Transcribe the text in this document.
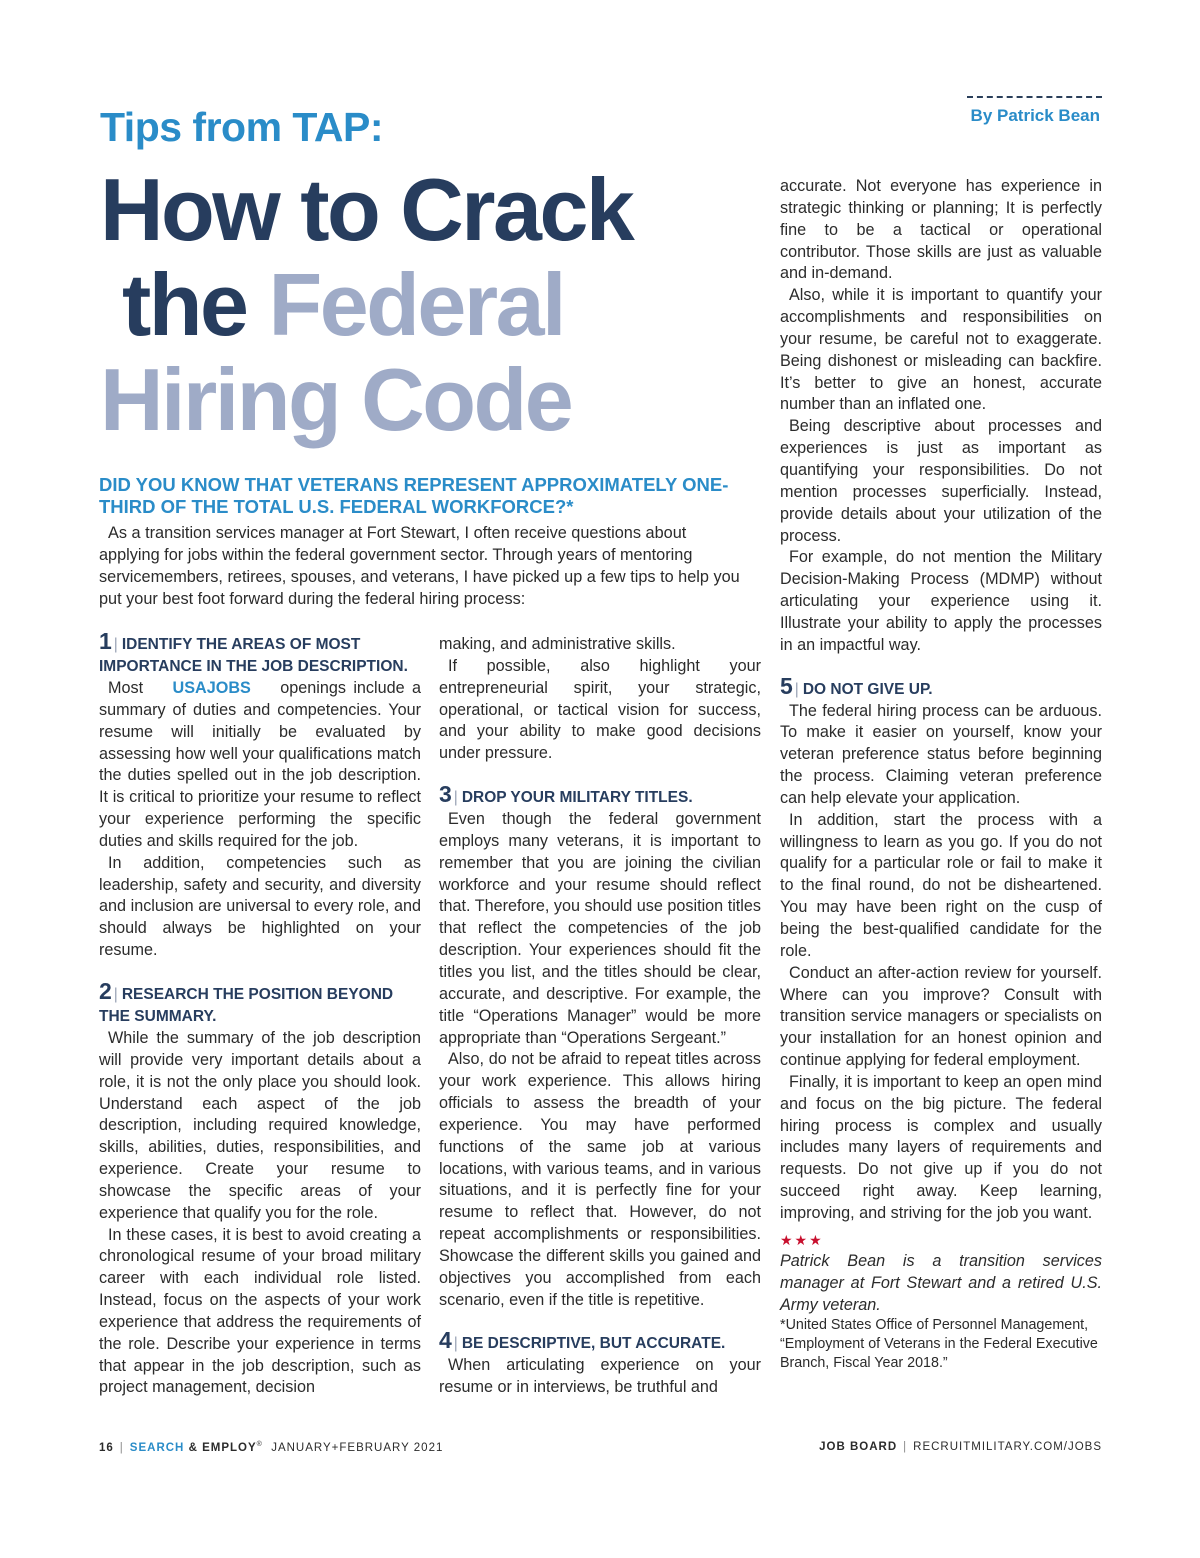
By Patrick Bean
Tips from TAP:
How to Crack
the Federal
Hiring Code
DID YOU KNOW THAT VETERANS REPRESENT APPROXIMATELY ONE-THIRD OF THE TOTAL U.S. FEDERAL WORKFORCE?*
As a transition services manager at Fort Stewart, I often receive questions about applying for jobs within the federal government sector. Through years of mentoring servicemembers, retirees, spouses, and veterans, I have picked up a few tips to help you put your best foot forward during the federal hiring process:
1 | IDENTIFY THE AREAS OF MOST IMPORTANCE IN THE JOB DESCRIPTION.

Most USAJOBS openings include a summary of duties and competencies. Your resume will initially be evaluated by assessing how well your qualifications match the duties spelled out in the job description. It is critical to prioritize your resume to reflect your experience performing the specific duties and skills required for the job.

In addition, competencies such as leadership, safety and security, and diversity and inclusion are universal to every role, and should always be highlighted on your resume.

2 | RESEARCH THE POSITION BEYOND THE SUMMARY.

While the summary of the job description will provide very important details about a role, it is not the only place you should look. Understand each aspect of the job description, including required knowledge, skills, abilities, duties, responsibilities, and experience. Create your resume to showcase the specific areas of your experience that qualify you for the role.

In these cases, it is best to avoid creating a chronological resume of your broad military career with each individual role listed. Instead, focus on the aspects of your work experience that address the requirements of the role. Describe your experience in terms that appear in the job description, such as project management, decision

making, and administrative skills.

If possible, also highlight your entrepreneurial spirit, your strategic, operational, or tactical vision for success, and your ability to make good decisions under pressure.

3 | DROP YOUR MILITARY TITLES.

Even though the federal government employs many veterans, it is important to remember that you are joining the civilian workforce and your resume should reflect that. Therefore, you should use position titles that reflect the competencies of the job description. Your experiences should fit the titles you list, and the titles should be clear, accurate, and descriptive. For example, the title “Operations Manager” would be more appropriate than “Operations Sergeant.”

Also, do not be afraid to repeat titles across your work experience. This allows hiring officials to assess the breadth of your experience. You may have performed functions of the same job at various locations, with various teams, and in various situations, and it is perfectly fine for your resume to reflect that. However, do not repeat accomplishments or responsibilities. Showcase the different skills you gained and objectives you accomplished from each scenario, even if the title is repetitive.

4 | BE DESCRIPTIVE, BUT ACCURATE.

When articulating experience on your resume or in interviews, be truthful and

accurate. Not everyone has experience in strategic thinking or planning; It is perfectly fine to be a tactical or operational contributor. Those skills are just as valuable and in-demand.

Also, while it is important to quantify your accomplishments and responsibilities on your resume, be careful not to exaggerate. Being dishonest or misleading can backfire. It’s better to give an honest, accurate number than an inflated one.

Being descriptive about processes and experiences is just as important as quantifying your responsibilities. Do not mention processes superficially. Instead, provide details about your utilization of the process.

For example, do not mention the Military Decision-Making Process (MDMP) without articulating your experience using it. Illustrate your ability to apply the processes in an impactful way.

5 | DO NOT GIVE UP.

The federal hiring process can be arduous. To make it easier on yourself, know your veteran preference status before beginning the process. Claiming veteran preference can help elevate your application.

In addition, start the process with a willingness to learn as you go. If you do not qualify for a particular role or fail to make it to the final round, do not be disheartened. You may have been right on the cusp of being the best-qualified candidate for the role.

Conduct an after-action review for yourself. Where can you improve? Consult with transition service managers or specialists on your installation for an honest opinion and continue applying for federal employment.

Finally, it is important to keep an open mind and focus on the big picture. The federal hiring process is complex and usually includes many layers of requirements and requests. Do not give up if you do not succeed right away. Keep learning, improving, and striving for the job you want.

★★★

Patrick Bean is a transition services manager at Fort Stewart and a retired U.S. Army veteran.

*United States Office of Personnel Management, “Employment of Veterans in the Federal Executive Branch, Fiscal Year 2018.”

16 | SEARCH & EMPLOY® JANUARY+FEBRUARY 2021	JOB BOARD | RECRUITMILITARY.COM/JOBS
